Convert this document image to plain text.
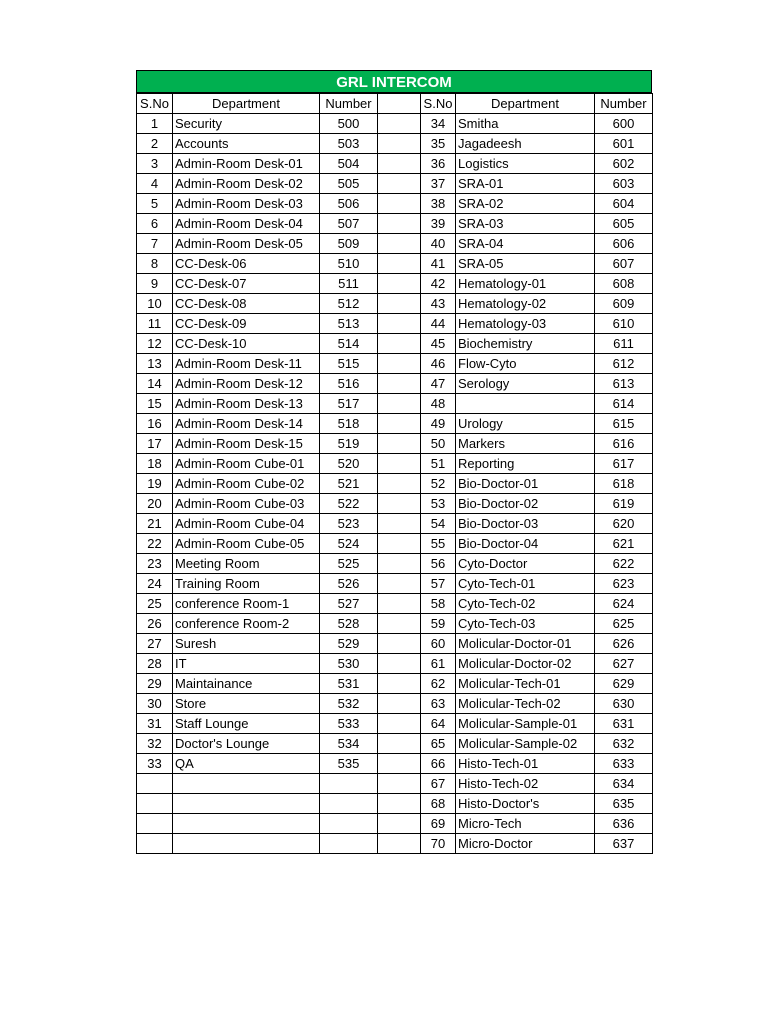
GRL INTERCOM
S.No	Department	Number		S.No	Department	Number
1	Security	500		34	Smitha	600
2	Accounts	503		35	Jagadeesh	601
3	Admin-Room Desk-01	504		36	Logistics	602
4	Admin-Room Desk-02	505		37	SRA-01	603
5	Admin-Room Desk-03	506		38	SRA-02	604
6	Admin-Room Desk-04	507		39	SRA-03	605
7	Admin-Room Desk-05	509		40	SRA-04	606
8	CC-Desk-06	510		41	SRA-05	607
9	CC-Desk-07	511		42	Hematology-01	608
10	CC-Desk-08	512		43	Hematology-02	609
11	CC-Desk-09	513		44	Hematology-03	610
12	CC-Desk-10	514		45	Biochemistry	611
13	Admin-Room Desk-11	515		46	Flow-Cyto	612
14	Admin-Room Desk-12	516		47	Serology	613
15	Admin-Room Desk-13	517		48		614
16	Admin-Room Desk-14	518		49	Urology	615
17	Admin-Room Desk-15	519		50	Markers	616
18	Admin-Room Cube-01	520		51	Reporting	617
19	Admin-Room Cube-02	521		52	Bio-Doctor-01	618
20	Admin-Room Cube-03	522		53	Bio-Doctor-02	619
21	Admin-Room Cube-04	523		54	Bio-Doctor-03	620
22	Admin-Room Cube-05	524		55	Bio-Doctor-04	621
23	Meeting Room	525		56	Cyto-Doctor	622
24	Training Room	526		57	Cyto-Tech-01	623
25	conference Room-1	527		58	Cyto-Tech-02	624
26	conference Room-2	528		59	Cyto-Tech-03	625
27	Suresh	529		60	Molicular-Doctor-01	626
28	IT	530		61	Molicular-Doctor-02	627
29	Maintainance	531		62	Molicular-Tech-01	629
30	Store	532		63	Molicular-Tech-02	630
31	Staff Lounge	533		64	Molicular-Sample-01	631
32	Doctor's Lounge	534		65	Molicular-Sample-02	632
33	QA	535		66	Histo-Tech-01	633
				67	Histo-Tech-02	634
				68	Histo-Doctor's	635
				69	Micro-Tech	636
				70	Micro-Doctor	637
